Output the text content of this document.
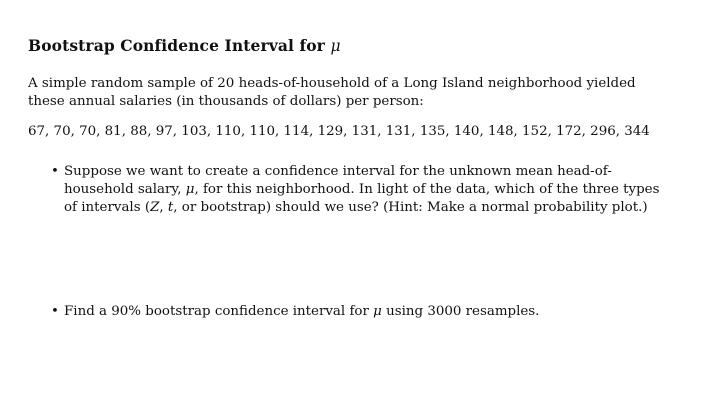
Bootstrap Confidence Interval for μ

A simple random sample of 20 heads-of-household of a Long Island neighborhood yielded these annual salaries (in thousands of dollars) per person:

67, 70, 70, 81, 88, 97, 103, 110, 110, 114, 129, 131, 131, 135, 140, 148, 152, 172, 296, 344

• Suppose we want to create a confidence interval for the unknown mean head-of-household salary, μ, for this neighborhood. In light of the data, which of the three types of intervals (Z, t, or bootstrap) should we use? (Hint: Make a normal probability plot.)
• Find a 90% bootstrap confidence interval for μ using 3000 resamples.
